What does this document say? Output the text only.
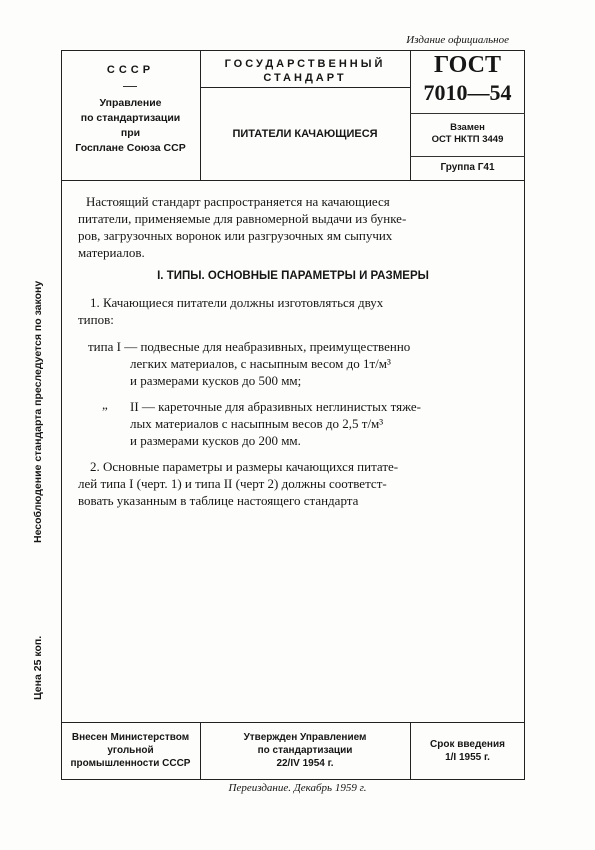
Издание официальное
Несоблюдение стандарта преследуется по закону
Цена 25 коп.
СССР
Управление
по стандартизации
при
Госплане Союза ССР
ГОСУДАРСТВЕННЫЙ
СТАНДАРТ
ПИТАТЕЛИ КАЧАЮЩИЕСЯ
ГОСТ
7010—54
Взамен
ОСТ НКТП 3449
Группа Г41

Настоящий стандарт распространяется на качающиеся

питатели, применяемые для равномерной выдачи из бунке-

ров, загрузочных воронок или разгрузочных ям сыпучих

материалов.

I. ТИПЫ. ОСНОВНЫЕ ПАРАМЕТРЫ И РАЗМЕРЫ

1. Качающиеся питатели должны изготовляться двух

типов:

типа I — подвесные для неабразивных, преимущественно

легких материалов, с насыпным весом до 1т/м³

и размерами кусков до 500 мм;

„	II — кареточные для абразивных неглинистых тяже-

лых материалов с насыпным весов до 2,5 т/м³

и размерами кусков до 200 мм.

2. Основные параметры и размеры качающихся питате-

лей типа I (черт. 1) и типа II (черт 2) должны соответст-

вовать указанным в таблице настоящего стандарта

Внесен Министерством
угольной
промышленности СССР
Утвержден Управлением
по стандартизации
22/IV 1954 г.
Срок введения
1/I 1955 г.
Переиздание. Декабрь 1959 г.
